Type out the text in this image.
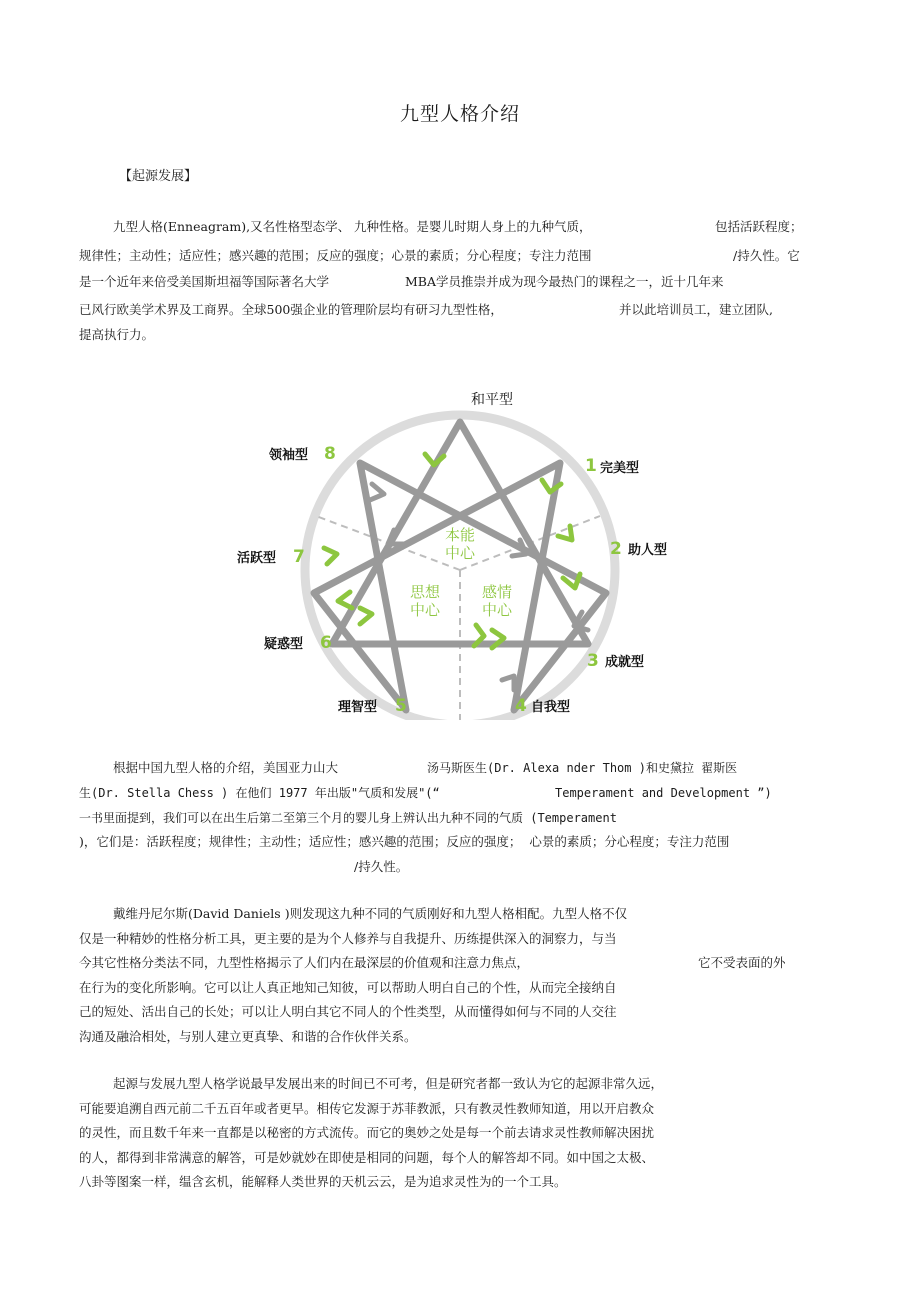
九型人格介绍
【起源发展】
九型人格(Enneagram),又名性格型态学、 九种性格。是婴儿时期人身上的九种气质，	包括活跃程度；
规律性；主动性；适应性；感兴趣的范围；反应的强度；心景的素质；分心程度；专注力范围	/持久性。它
是一个近年来倍受美国斯坦福等国际著名大学	MBA学员推崇并成为现今最热门的课程之一，近十几年来
已风行欧美学术界及工商界。全球500强企业的管理阶层均有研习九型性格，	并以此培训员工，建立团队,
提高执行力。
和平型
本能
中心
思想
中心
感情
中心
1
2
3
4
5
6
7
8
完美型
助人型
成就型
自我型
理智型
疑惑型
活跃型
领袖型
根据中国九型人格的介绍，美国亚力山大	汤马斯医生(Dr. Alexa nder Thom )和史黛拉 翟斯医
生(Dr. Stella Chess ) 在他们 1977 年出版"气质和发展"(“	Temperament and Development ”)
一书里面提到，我们可以在出生后第二至第三个月的婴儿身上辨认出九种不同的气质 (Temperament
)，它们是：活跃程度；规律性；主动性；适应性；感兴趣的范围；反应的强度；  心景的素质；分心程度；专注力范围
/持久性。
戴维丹尼尔斯(David Daniels )则发现这九种不同的气质刚好和九型人格相配。九型人格不仅
仅是一种精妙的性格分析工具，更主要的是为个人修养与自我提升、历练提供深入的洞察力，与当
今其它性格分类法不同，九型性格揭示了人们内在最深层的价值观和注意力焦点，	它不受表面的外
在行为的变化所影响。它可以让人真正地知己知彼，可以帮助人明白自己的个性，从而完全接纳自
己的短处、活出自己的长处；可以让人明白其它不同人的个性类型，从而懂得如何与不同的人交往
沟通及融洽相处，与别人建立更真挚、和谐的合作伙伴关系。
起源与发展九型人格学说最早发展出来的时间已不可考，但是研究者都一致认为它的起源非常久远，
可能要追溯自西元前二千五百年或者更早。相传它发源于苏菲教派，只有教灵性教师知道，用以开启教众
的灵性，而且数千年来一直都是以秘密的方式流传。而它的奥妙之处是每一个前去请求灵性教师解决困扰
的人，都得到非常满意的解答，可是妙就妙在即使是相同的问题，每个人的解答却不同。如中国之太极、
八卦等图案一样，缊含玄机，能解释人类世界的天机云云，是为追求灵性为的一个工具。
